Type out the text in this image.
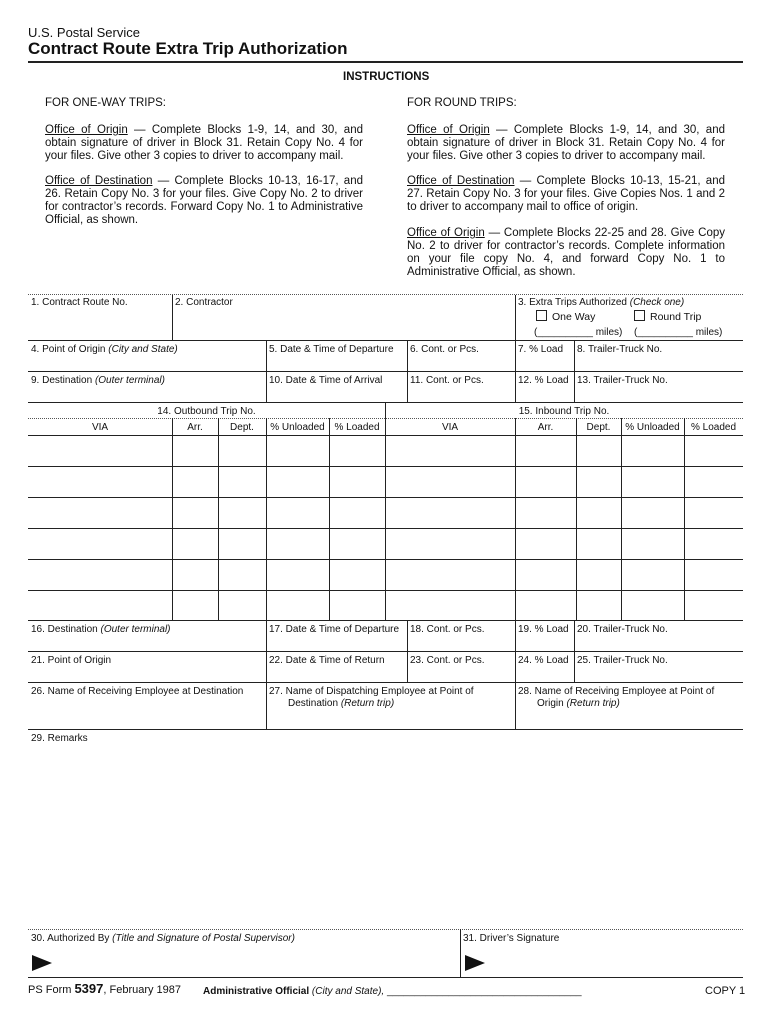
U.S. Postal Service
Contract Route Extra Trip Authorization
INSTRUCTIONS
FOR ONE-WAY TRIPS:	FOR ROUND TRIPS:
Office of Origin — Complete Blocks 1-9, 14, and 30, and obtain signature of driver in Block 31. Retain Copy No. 4 for your files. Give other 3 copies to driver to accompany mail.
Office of Destination — Complete Blocks 10-13, 16-17, and 26. Retain Copy No. 3 for your files. Give Copy No. 2 to driver for contractor’s records. Forward Copy No. 1 to Administrative Official, as shown.
Office of Origin — Complete Blocks 1-9, 14, and 30, and obtain signature of driver in Block 31. Retain Copy No. 4 for your files. Give other 3 copies to driver to accompany mail.
Office of Destination — Complete Blocks 10-13, 15-21, and 27. Retain Copy No. 3 for your files. Give Copies Nos. 1 and 2 to driver to accompany mail to office of origin.
Office of Origin — Complete Blocks 22-25 and 28. Give Copy No. 2 to driver for contractor’s records. Complete information on your file copy No. 4, and forward Copy No. 1 to Administrative Official, as shown.
1. Contract Route No.	2. Contractor	3. Extra Trips Authorized (Check one)
One Way	Round Trip
(__________ miles) (__________ miles)
4. Point of Origin (City and State)	5. Date & Time of Departure 6. Cont. or Pcs.	7. % Load 8. Trailer-Truck No.
9. Destination (Outer terminal)	10. Date & Time of Arrival	11. Cont. or Pcs.	12. % Load 13. Trailer-Truck No.
14. Outbound Trip No.	15. Inbound Trip No.
VIA	Arr.	Dept.	% Unloaded % Loaded	VIA	Arr.	Dept.	% Unloaded	% Loaded
16. Destination (Outer terminal)	17. Date & Time of Departure 18. Cont. or Pcs.	19. % Load 20. Trailer-Truck No.
21. Point of Origin	22. Date & Time of Return	23. Cont. or Pcs.	24. % Load 25. Trailer-Truck No.
26. Name of Receiving Employee at Destination	27. Name of Dispatching Employee at Point of
Destination (Return trip)
28. Name of Receiving Employee at Point of
Origin (Return trip)
29. Remarks
30. Authorized By (Title and Signature of Postal Supervisor)	31. Driver’s Signature
PS Form 5397, February 1987 Administrative Official (City and State), ___________________________________	COPY 1
